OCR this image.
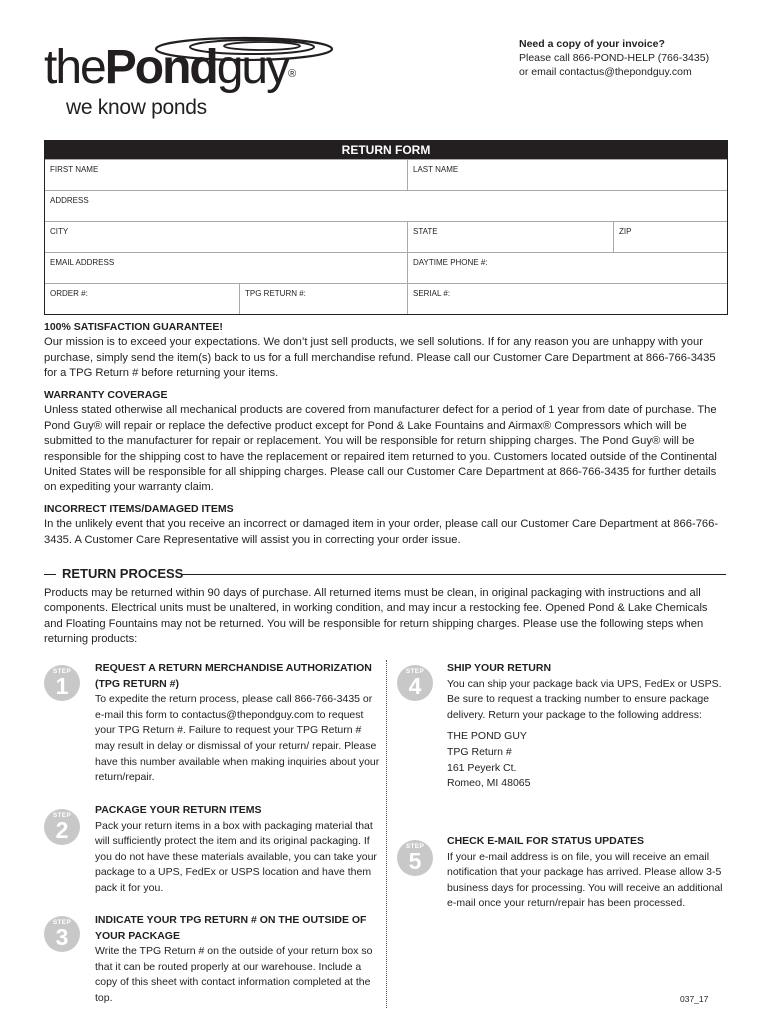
thePondguy®
we know ponds
Need a copy of your invoice?
Please call 866-POND-HELP (766-3435)
or email contactus@thepondguy.com
RETURN FORM
FIRST NAME	LAST NAME
ADDRESS
CITY	STATE	ZIP
EMAIL ADDRESS	DAYTIME PHONE #:
ORDER #:	TPG RETURN #:	SERIAL #:
100% SATISFACTION GUARANTEE!
Our mission is to exceed your expectations. We don’t just sell products, we sell solutions. If for any reason you are unhappy with your purchase, simply send the item(s) back to us for a full merchandise refund. Please call our Customer Care Department at 866-766-3435 for a TPG Return # before returning your items.
WARRANTY COVERAGE
Unless stated otherwise all mechanical products are covered from manufacturer defect for a period of 1 year from date of purchase. The Pond Guy® will repair or replace the defective product except for Pond & Lake Fountains and Airmax® Compressors which will be submitted to the manufacturer for repair or replacement. You will be responsible for return shipping charges. The Pond Guy® will be responsible for the shipping cost to have the replacement or repaired item returned to you. Customers located outside of the Continental United States will be responsible for all shipping charges. Please call our Customer Care Department at 866-766-3435 for further details on expediting your warranty claim.
INCORRECT ITEMS/DAMAGED ITEMS
In the unlikely event that you receive an incorrect or damaged item in your order, please call our Customer Care Department at 866-766-3435. A Customer Care Representative will assist you in correcting your order issue.
RETURN PROCESS
Products may be returned within 90 days of purchase. All returned items must be clean, in original packaging with instructions and all components. Electrical units must be unaltered, in working condition, and may incur a restocking fee. Opened Pond & Lake Chemicals and Floating Fountains may not be returned. You will be responsible for return shipping charges. Please use the following steps when returning products:
STEP
1
REQUEST A RETURN MERCHANDISE AUTHORIZATION (TPG RETURN #)
To expedite the return process, please call 866-766-3435 or e-mail this form to contactus@thepondguy.com to request your TPG Return #. Failure to request your TPG Return # may result in delay or dismissal of your return/ repair. Please have this number available when making inquiries about your return/repair.
STEP
2
PACKAGE YOUR RETURN ITEMS
Pack your return items in a box with packaging material that will sufficiently protect the item and its original packaging. If you do not have these materials available, you can take your package to a UPS, FedEx or USPS location and have them pack it for you.
STEP
3
INDICATE YOUR TPG RETURN # ON THE OUTSIDE OF YOUR PACKAGE
Write the TPG Return # on the outside of your return box so that it can be routed properly at our warehouse. Include a copy of this sheet with contact information completed at the top.
STEP
4
SHIP YOUR RETURN
You can ship your package back via UPS, FedEx or USPS. Be sure to request a tracking number to ensure package delivery. Return your package to the following address:
THE POND GUY
TPG Return #
161 Peyerk Ct.
Romeo, MI 48065
STEP
5
CHECK E-MAIL FOR STATUS UPDATES
If your e-mail address is on file, you will receive an email notification that your package has arrived. Please allow 3-5 business days for processing. You will receive an additional e-mail once your return/repair has been processed.
037_17
